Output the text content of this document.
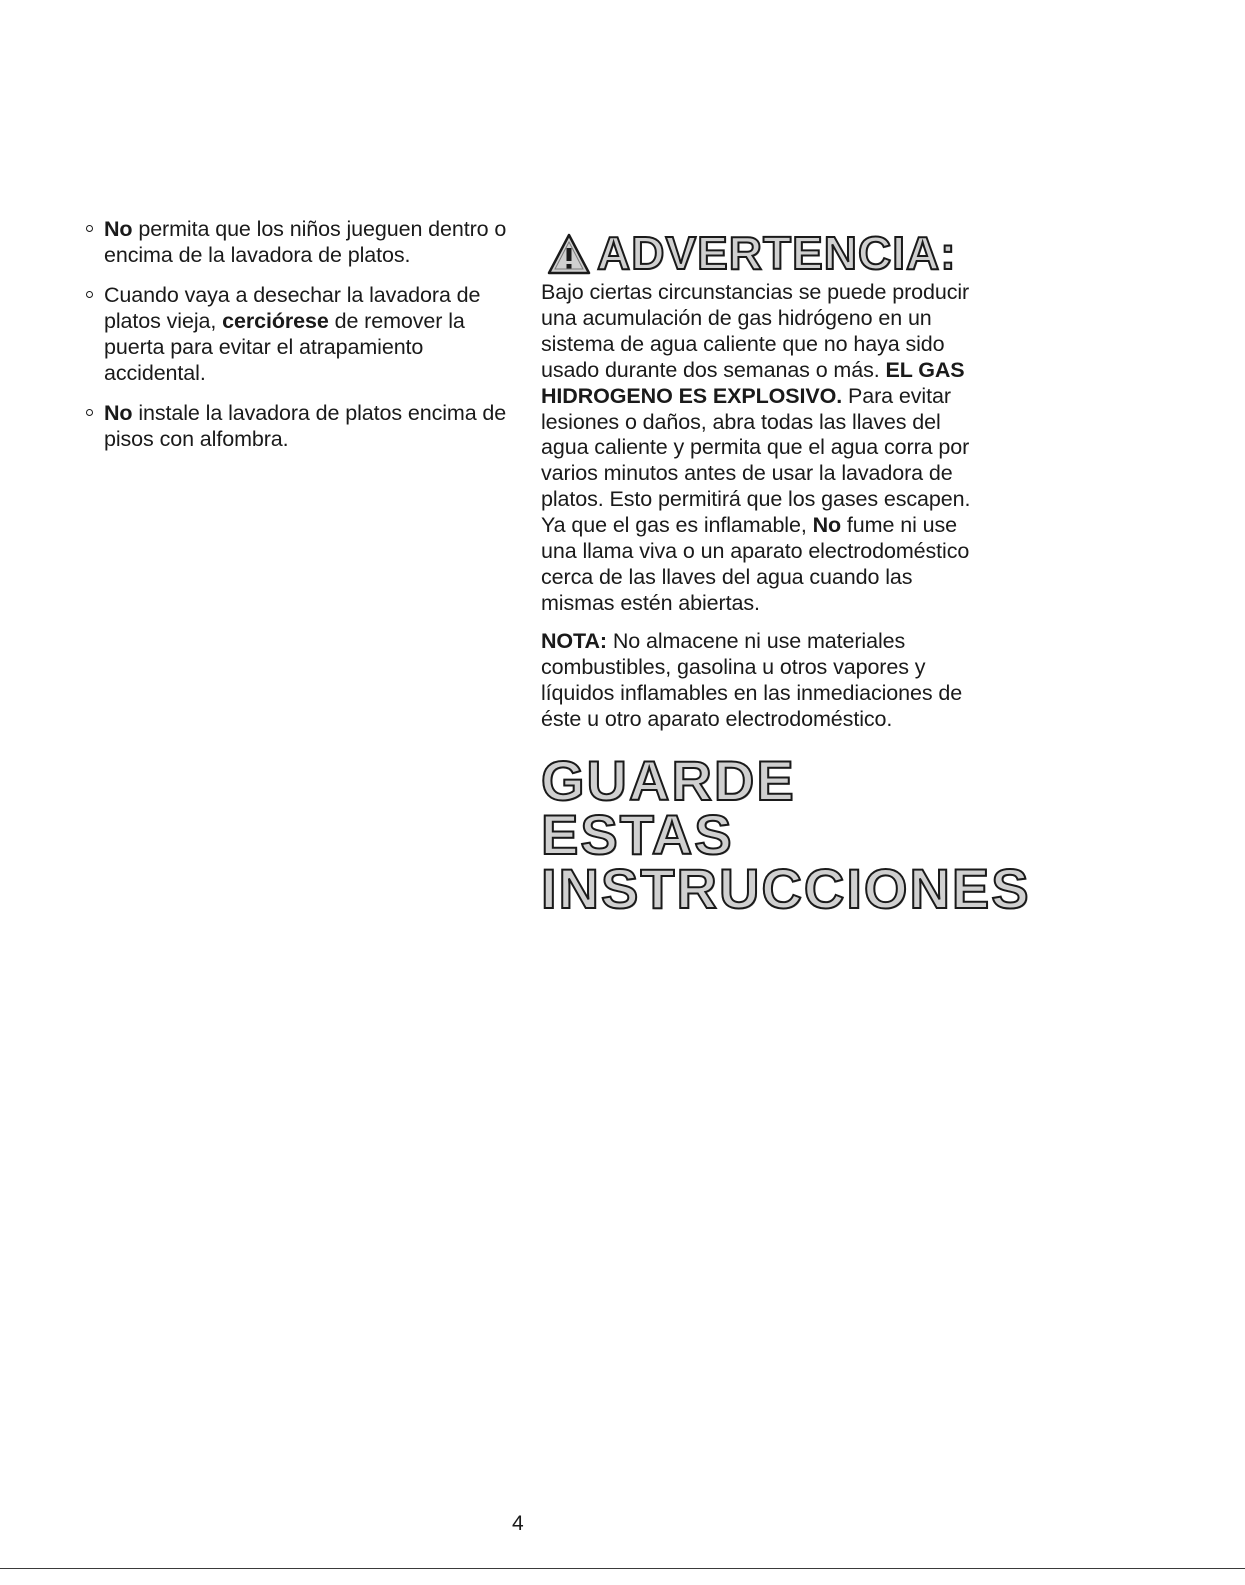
No permita que los niños jueguen dentro o encima de la lavadora de platos.
Cuando vaya a desechar la lavadora de platos vieja, cerciórese de remover la puerta para evitar el atrapamiento accidental.
No instale la lavadora de platos encima de pisos con alfombra.
ADVERTENCIA:
Bajo ciertas circunstancias se puede producir una acumulación de gas hidrógeno en un sistema de agua caliente que no haya sido usado durante dos semanas o más. EL GAS HIDROGENO ES EXPLOSIVO. Para evitar lesiones o daños, abra todas las llaves del agua caliente y permita que el agua corra por varios minutos antes de usar la lavadora de platos. Esto permitirá que los gases escapen. Ya que el gas es inflamable, No fume ni use una llama viva o un aparato electrodoméstico cerca de las llaves del agua cuando las mismas estén abiertas.
NOTA: No almacene ni use materiales combustibles, gasolina u otros vapores y líquidos inflamables en las inmediaciones de éste u otro aparato electrodoméstico.
GUARDE ESTAS
INSTRUCCIONES
4
